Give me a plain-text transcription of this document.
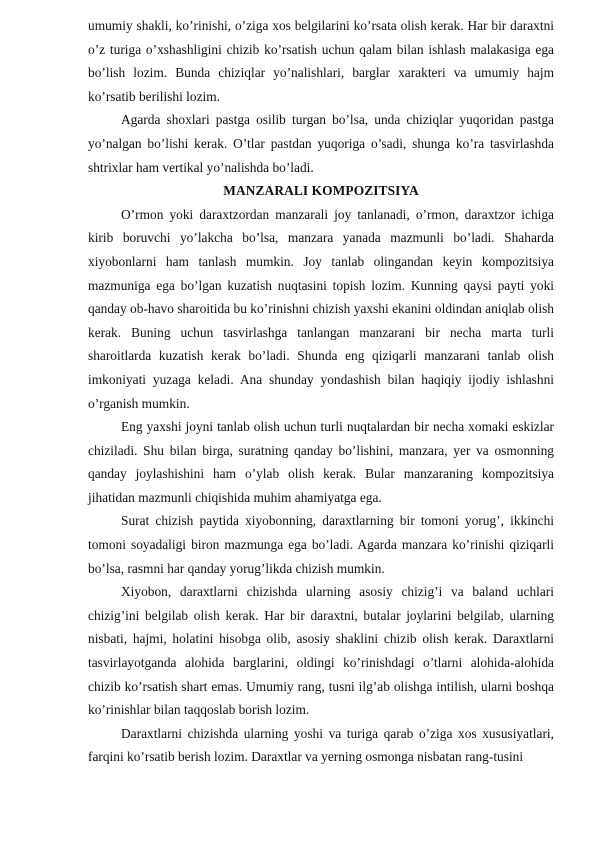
umumiy shakli, ko’rinishi, o’ziga xos belgilarini ko’rsata olish kerak. Har bir daraxtni o’z turiga o’xshashligini chizib ko’rsatish uchun qalam bilan ishlash malakasiga ega bo’lish lozim. Bunda chiziqlar yo’nalishlari, barglar xarakteri va umumiy hajm ko’rsatib berilishi lozim.

Agarda shoxlari pastga osilib turgan bo’lsa, unda chiziqlar yuqoridan pastga yo’nalgan bo’lishi kerak. O’tlar pastdan yuqoriga o’sadi, shunga ko’ra tasvirlashda shtrixlar ham vertikal yo’nalishda bo’ladi.

MANZARALI KOMPOZITSIYA

O’rmon yoki daraxtzordan manzarali joy tanlanadi, o’rmon, daraxtzor ichiga kirib boruvchi yo’lakcha bo’lsa, manzara yanada mazmunli bo’ladi. Shaharda xiyobonlarni ham tanlash mumkin. Joy tanlab olingandan keyin kompozitsiya mazmuniga ega bo’lgan kuzatish nuqtasini topish lozim. Kunning qaysi payti yoki qanday ob-havo sharoitida bu ko’rinishni chizish yaxshi ekanini oldindan aniqlab olish kerak. Buning uchun tasvirlashga tanlangan manzarani bir necha marta turli sharoitlarda kuzatish kerak bo’ladi. Shunda eng qiziqarli manzarani tanlab olish imkoniyati yuzaga keladi. Ana shunday yondashish bilan haqiqiy ijodiy ishlashni o’rganish mumkin.

Eng yaxshi joyni tanlab olish uchun turli nuqtalardan bir necha xomaki eskizlar chiziladi. Shu bilan birga, suratning qanday bo’lishini, manzara, yer va osmonning qanday joylashishini ham o’ylab olish kerak. Bular manzaraning kompozitsiya jihatidan mazmunli chiqishida muhim ahamiyatga ega.

Surat chizish paytida xiyobonning, daraxtlarning bir tomoni yorug’, ikkinchi tomoni soyadaligi biron mazmunga ega bo’ladi. Agarda manzara ko’rinishi qiziqarli bo’lsa, rasmni har qanday yorug’likda chizish mumkin.

Xiyobon, daraxtlarni chizishda ularning asosiy chizig’i va baland uchlari chizig’ini belgilab olish kerak. Har bir daraxtni, butalar joylarini belgilab, ularning nisbati, hajmi, holatini hisobga olib, asosiy shaklini chizib olish kerak. Daraxtlarni tasvirlayotganda alohida barglarini, oldingi ko’rinishdagi o’tlarni alohida-alohida chizib ko’rsatish shart emas. Umumiy rang, tusni ilg’ab olishga intilish, ularni boshqa ko’rinishlar bilan taqqoslab borish lozim.

Daraxtlarni chizishda ularning yoshi va turiga qarab o’ziga xos xususiyatlari, farqini ko’rsatib berish lozim. Daraxtlar va yerning osmonga nisbatan rang-tusini
